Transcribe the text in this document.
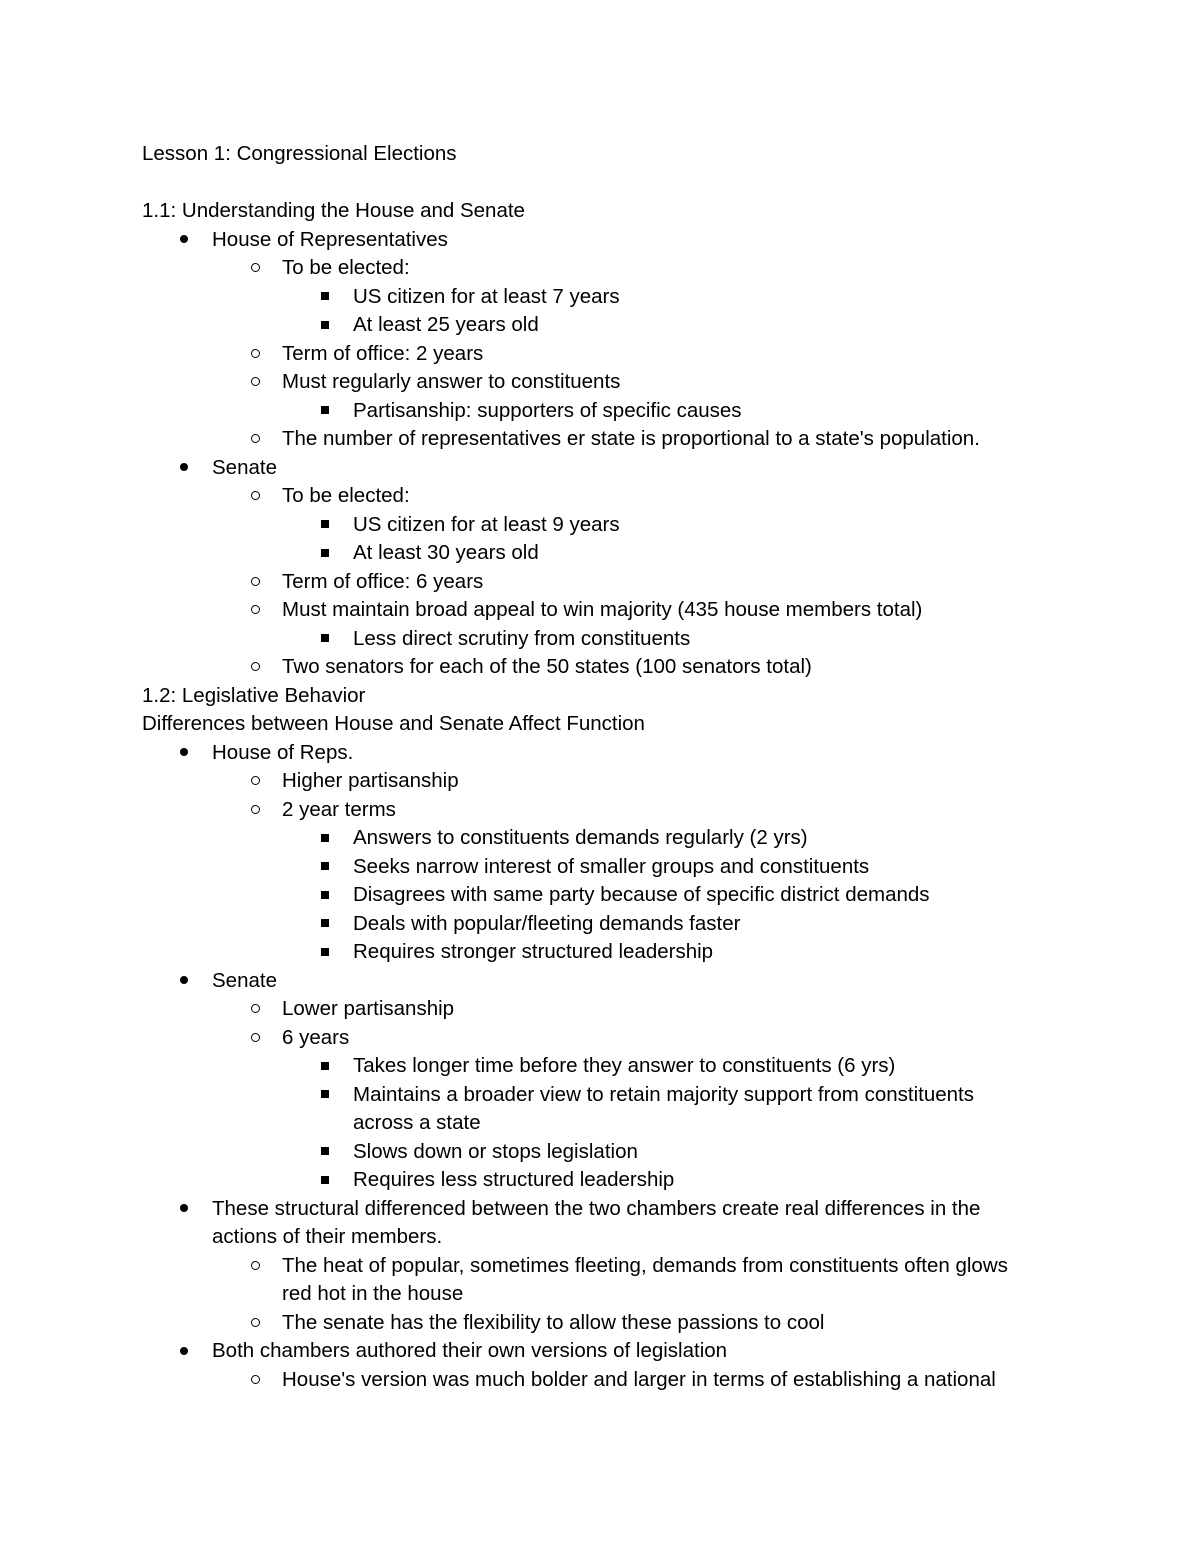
Lesson 1: Congressional Elections
1.1: Understanding the House and Senate
House of Representatives
To be elected:
US citizen for at least 7 years
At least 25 years old
Term of office: 2 years
Must regularly answer to constituents
Partisanship: supporters of specific causes
The number of representatives er state is proportional to a state's population.
Senate
To be elected:
US citizen for at least 9 years
At least 30 years old
Term of office: 6 years
Must maintain broad appeal to win majority (435 house members total)
Less direct scrutiny from constituents
Two senators for each of the 50 states (100 senators total)
1.2: Legislative Behavior
Differences between House and Senate Affect Function
House of Reps.
Higher partisanship
2 year terms
Answers to constituents demands regularly (2 yrs)
Seeks narrow interest of smaller groups and constituents
Disagrees with same party because of specific district demands
Deals with popular/fleeting demands faster
Requires stronger structured leadership
Senate
Lower partisanship
6 years
Takes longer time before they answer to constituents (6 yrs)
Maintains a broader view to retain majority support from constituents
across a state
Slows down or stops legislation
Requires less structured leadership
These structural differenced between the two chambers create real differences in the
actions of their members.
The heat of popular, sometimes fleeting, demands from constituents often glows
red hot in the house
The senate has the flexibility to allow these passions to cool
Both chambers authored their own versions of legislation
House's version was much bolder and larger in terms of establishing a national
